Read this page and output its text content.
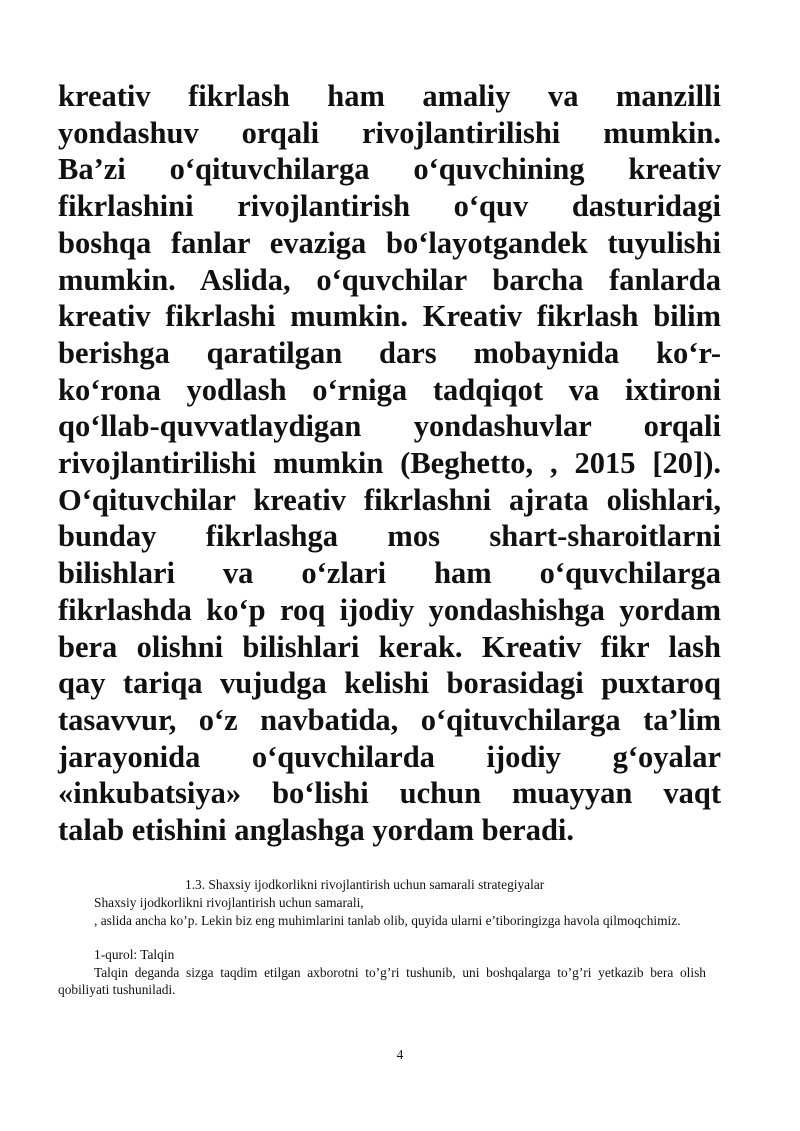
kreativ fikrlash ham amaliy va manzilli
yondashuv orqali rivojlantirilishi mumkin.
Ba’zi o‘qituvchilarga o‘quvchining kreativ
fikrlashini rivojlantirish o‘quv dasturidagi
boshqa fanlar evaziga bo‘layotgandek tuyulishi
mumkin. Aslida, o‘quvchilar barcha fanlarda
kreativ fikrlashi mumkin. Kreativ fikrlash bilim
berishga qaratilgan dars mobaynida ko‘r-
ko‘rona yodlash o‘rniga tadqiqot va ixtironi
qo‘llab-quvvatlaydigan yondashuvlar orqali
rivojlantirilishi mumkin (Beghetto, , 2015 [20]).
O‘qituvchilar kreativ fikrlashni ajrata olishlari,
bunday fikrlashga mos shart-sharoitlarni
bilishlari va o‘zlari ham o‘quvchilarga
fikrlashda ko‘p roq ijodiy yondashishga yordam
bera olishni bilishlari kerak. Kreativ fikr lash
qay tariqa vujudga kelishi borasidagi puxtaroq
tasavvur, o‘z navbatida, o‘qituvchilarga ta’lim
jarayonida o‘quvchilarda ijodiy g‘oyalar
«inkubatsiya» bo‘lishi uchun muayyan vaqt
talab etishini anglashga yordam beradi.
1.3. Shaxsiy ijodkorlikni rivojlantirish uchun samarali strategiyalar
Shaxsiy ijodkorlikni rivojlantirish uchun samarali,
, aslida ancha ko’p. Lekin biz eng muhimlarini tanlab olib, quyida ularni e’tiboringizga havola qilmoqchimiz.
1-qurol: Talqin
Talqin deganda sizga taqdim etilgan axborotni to’g’ri tushunib, uni boshqalarga to’g’ri yetkazib bera olish qobiliyati tushuniladi.
4
